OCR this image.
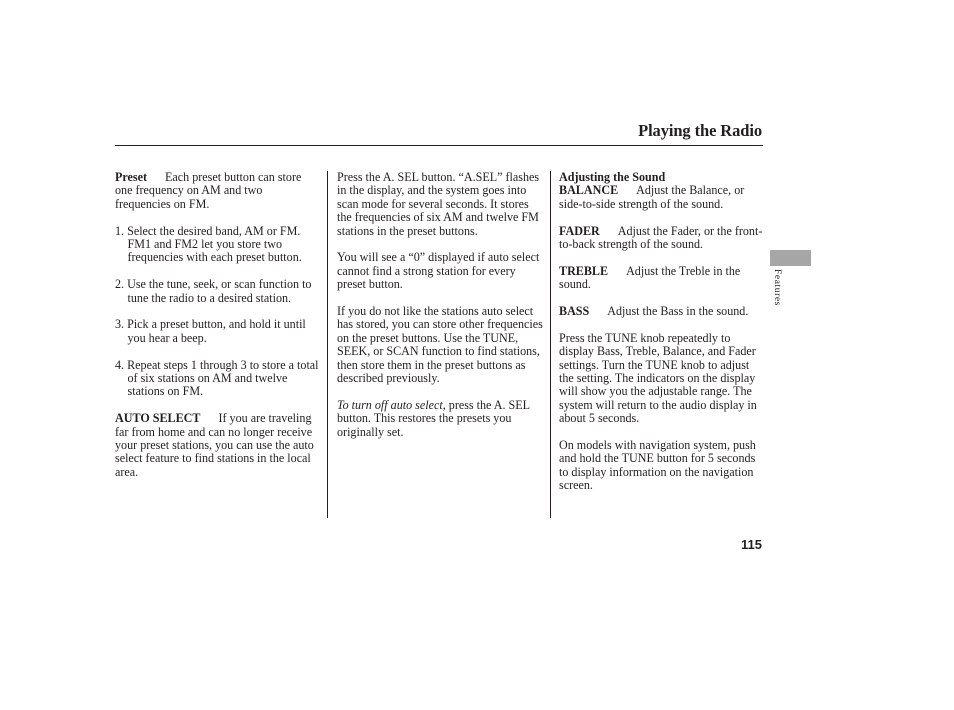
Playing the Radio
Features

Preset Each preset button can store one frequency on AM and two frequencies on FM.

1. Select the desired band, AM or FM. FM1 and FM2 let you store two frequencies with each preset button.
2. Use the tune, seek, or scan function to tune the radio to a desired station.
3. Pick a preset button, and hold it until you hear a beep.
4. Repeat steps 1 through 3 to store a total of six stations on AM and twelve stations on FM.

AUTO SELECT If you are traveling far from home and can no longer receive your preset stations, you can use the auto select feature to find stations in the local area.

Press the A. SEL button. “A.SEL” flashes in the display, and the system goes into scan mode for several seconds. It stores the frequencies of six AM and twelve FM stations in the preset buttons.

You will see a “0” displayed if auto select cannot find a strong station for every preset button.

If you do not like the stations auto select has stored, you can store other frequencies on the preset buttons. Use the TUNE, SEEK, or SCAN function to find stations, then store them in the preset buttons as described previously.

To turn off auto select, press the A. SEL button. This restores the presets you originally set.

Adjusting the Sound

BALANCE Adjust the Balance, or side-to-side strength of the sound.

FADER Adjust the Fader, or the front-to-back strength of the sound.

TREBLE Adjust the Treble in the sound.

BASS Adjust the Bass in the sound.

Press the TUNE knob repeatedly to display Bass, Treble, Balance, and Fader settings. Turn the TUNE knob to adjust the setting. The indicators on the display will show you the adjustable range. The system will return to the audio display in about 5 seconds.

On models with navigation system, push and hold the TUNE button for 5 seconds to display information on the navigation screen.

115
